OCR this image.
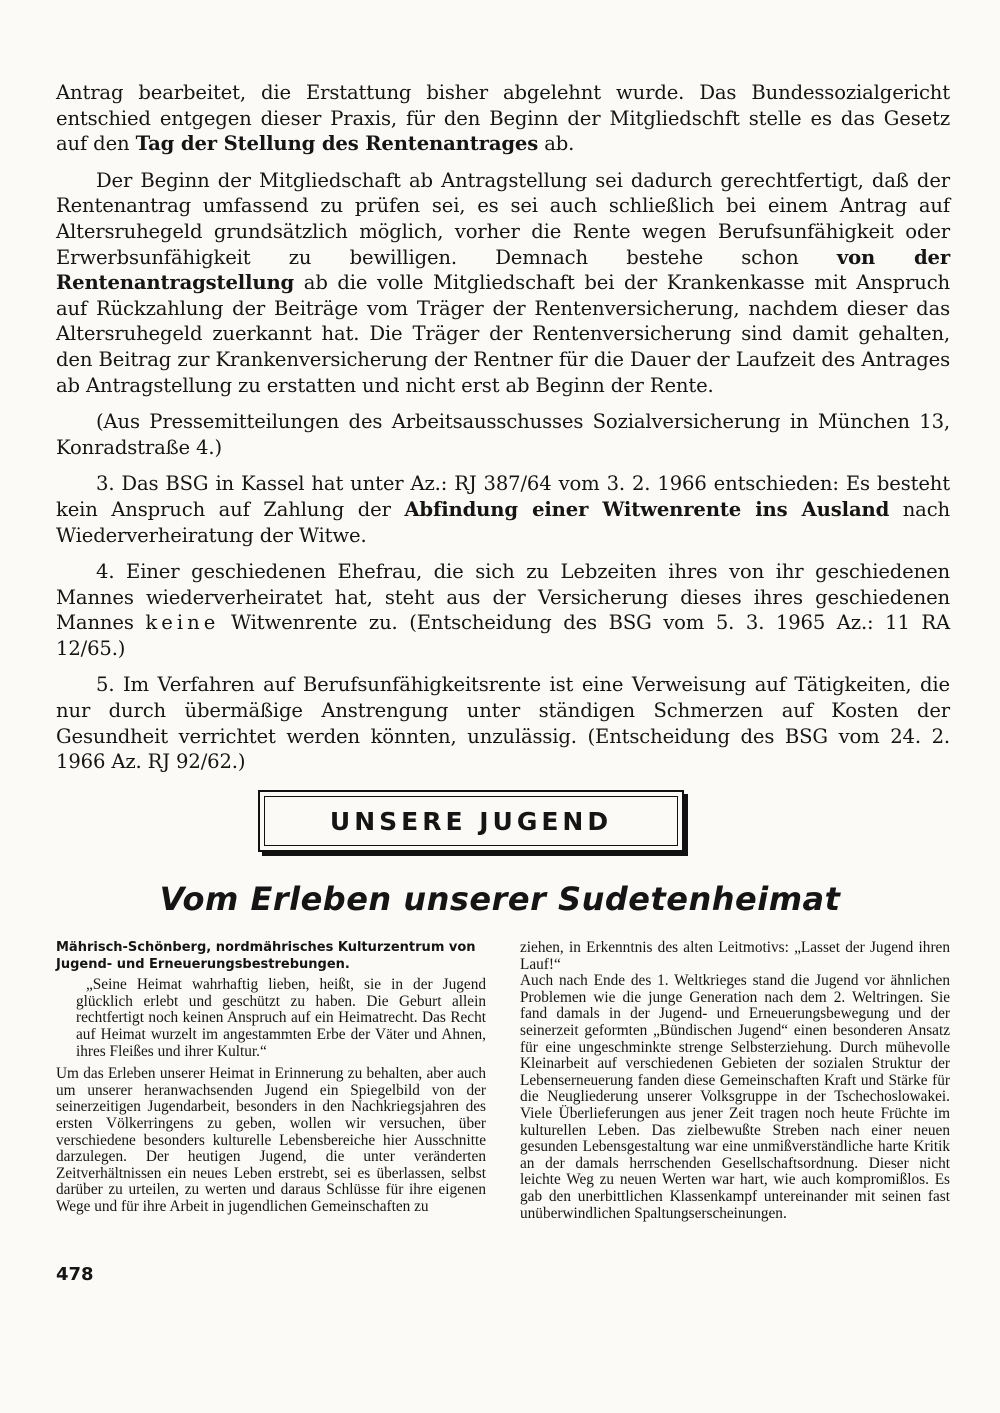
Antrag bearbeitet, die Erstattung bisher abgelehnt wurde. Das Bundessozialgericht entschied entgegen dieser Praxis, für den Beginn der Mitgliedschft stelle es das Gesetz auf den Tag der Stellung des Rentenantrages ab.

Der Beginn der Mitgliedschaft ab Antragstellung sei dadurch gerechtfertigt, daß der Rentenantrag umfassend zu prüfen sei, es sei auch schließlich bei einem Antrag auf Altersruhegeld grundsätzlich möglich, vorher die Rente wegen Berufsunfähigkeit oder Erwerbsunfähigkeit zu bewilligen. Demnach bestehe schon von der Rentenantragstellung ab die volle Mitgliedschaft bei der Krankenkasse mit Anspruch auf Rückzahlung der Beiträge vom Träger der Rentenversicherung, nachdem dieser das Altersruhegeld zuerkannt hat. Die Träger der Rentenversicherung sind damit gehalten, den Beitrag zur Krankenversicherung der Rentner für die Dauer der Laufzeit des Antrages ab Antragstellung zu erstatten und nicht erst ab Beginn der Rente.

(Aus Pressemitteilungen des Arbeitsausschusses Sozialversicherung in München 13, Konradstraße 4.)

3. Das BSG in Kassel hat unter Az.: RJ 387/64 vom 3. 2. 1966 entschieden: Es besteht kein Anspruch auf Zahlung der Abfindung einer Witwenrente ins Ausland nach Wiederverheiratung der Witwe.

4. Einer geschiedenen Ehefrau, die sich zu Lebzeiten ihres von ihr geschiedenen Mannes wiederverheiratet hat, steht aus der Versicherung dieses ihres geschiedenen Mannes keine Witwenrente zu. (Entscheidung des BSG vom 5. 3. 1965 Az.: 11 RA 12/65.)

5. Im Verfahren auf Berufsunfähigkeitsrente ist eine Verweisung auf Tätigkeiten, die nur durch übermäßige Anstrengung unter ständigen Schmerzen auf Kosten der Gesundheit verrichtet werden könnten, unzulässig. (Entscheidung des BSG vom 24. 2. 1966 Az. RJ 92/62.)

UNSERE JUGEND
Vom Erleben unserer Sudetenheimat

Mährisch-Schönberg, nordmährisches Kulturzentrum von Jugend- und Erneuerungsbestrebungen.

„Seine Heimat wahrhaftig lieben, heißt, sie in der Jugend glücklich erlebt und geschützt zu haben. Die Geburt allein rechtfertigt noch keinen Anspruch auf ein Heimatrecht. Das Recht auf Heimat wurzelt im angestammten Erbe der Väter und Ahnen, ihres Fleißes und ihrer Kultur.“

Um das Erleben unserer Heimat in Erinnerung zu behalten, aber auch um unserer heranwachsenden Jugend ein Spiegelbild von der seinerzeitigen Jugendarbeit, besonders in den Nachkriegsjahren des ersten Völkerringens zu geben, wollen wir versuchen, über verschiedene besonders kulturelle Lebensbereiche hier Ausschnitte darzulegen. Der heutigen Jugend, die unter veränderten Zeitverhältnissen ein neues Leben erstrebt, sei es überlassen, selbst darüber zu urteilen, zu werten und daraus Schlüsse für ihre eigenen Wege und für ihre Arbeit in jugendlichen Gemeinschaften zu

ziehen, in Erkenntnis des alten Leitmotivs: „Lasset der Jugend ihren Lauf!“

Auch nach Ende des 1. Weltkrieges stand die Jugend vor ähnlichen Problemen wie die junge Generation nach dem 2. Weltringen. Sie fand damals in der Jugend- und Erneuerungsbewegung und der seinerzeit geformten „Bündischen Jugend“ einen besonderen Ansatz für eine ungeschminkte strenge Selbsterziehung. Durch mühevolle Kleinarbeit auf verschiedenen Gebieten der sozialen Struktur der Lebenserneuerung fanden diese Gemeinschaften Kraft und Stärke für die Neugliederung unserer Volksgruppe in der Tschechoslowakei. Viele Überlieferungen aus jener Zeit tragen noch heute Früchte im kulturellen Leben. Das zielbewußte Streben nach einer neuen gesunden Lebensgestaltung war eine unmißverständliche harte Kritik an der damals herrschenden Gesellschaftsordnung. Dieser nicht leichte Weg zu neuen Werten war hart, wie auch kompromißlos. Es gab den unerbittlichen Klassenkampf untereinander mit seinen fast unüberwindlichen Spaltungserscheinungen.

478
